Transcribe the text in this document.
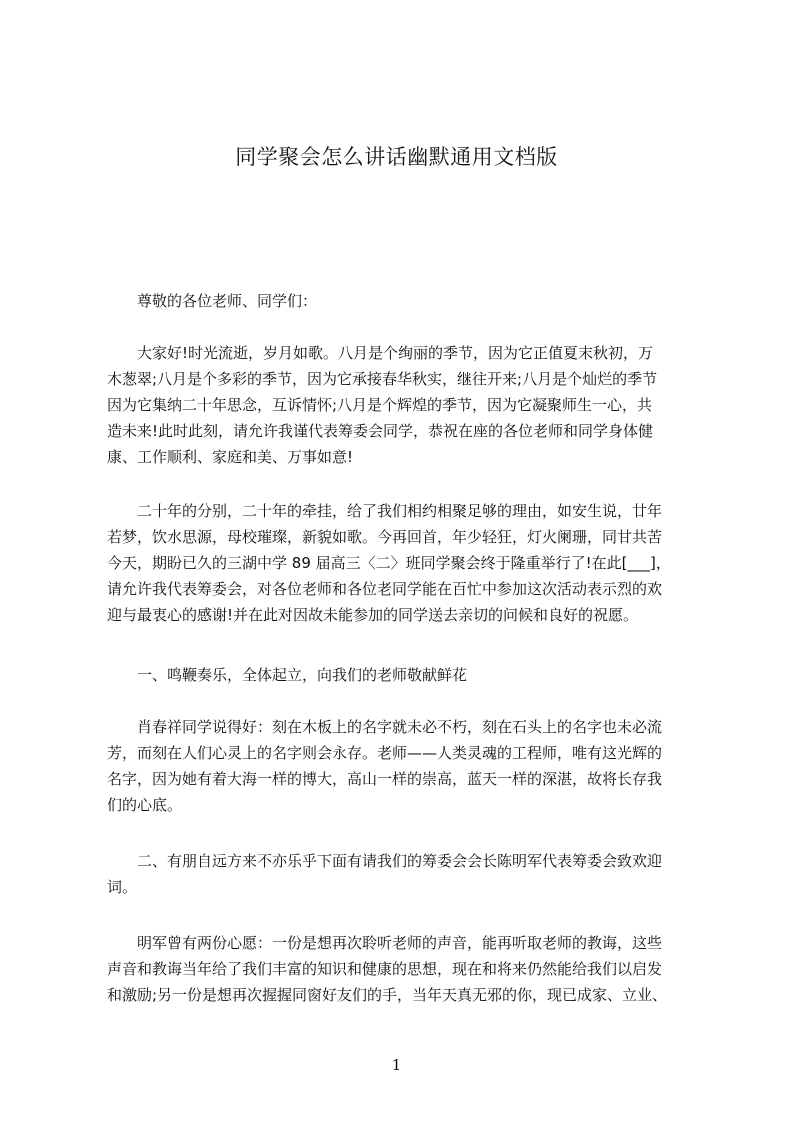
同学聚会怎么讲话幽默通用文档版

尊敬的各位老师、同学们：

大家好!时光流逝，岁月如歌。八月是个绚丽的季节，因为它正值夏末秋初，万
木葱翠;八月是个多彩的季节，因为它承接春华秋实，继往开来;八月是个灿烂的季节
因为它集纳二十年思念，互诉情怀;八月是个辉煌的季节，因为它凝聚师生一心，共
造未来!此时此刻，请允许我谨代表筹委会同学，恭祝在座的各位老师和同学身体健
康、工作顺利、家庭和美、万事如意!
二十年的分别，二十年的牵挂，给了我们相约相聚足够的理由，如安生说，廿年
若梦，饮水思源，母校璀璨，新貌如歌。今再回首，年少轻狂，灯火阑珊，同甘共苦
今天，期盼已久的三湖中学 89 届高三〈二〉班同学聚会终于隆重举行了!在此[___]，
请允许我代表筹委会，对各位老师和各位老同学能在百忙中参加这次活动表示烈的欢
迎与最衷心的感谢!并在此对因故未能参加的同学送去亲切的问候和良好的祝愿。
一、鸣鞭奏乐，全体起立，向我们的老师敬献鲜花
肖春祥同学说得好：刻在木板上的名字就未必不朽，刻在石头上的名字也未必流
芳，而刻在人们心灵上的名字则会永存。老师——人类灵魂的工程师，唯有这光辉的
名字，因为她有着大海一样的博大，高山一样的崇高，蓝天一样的深湛，故将长存我
们的心底。
二、有朋自远方来不亦乐乎下面有请我们的筹委会会长陈明军代表筹委会致欢迎
词。
明军曾有两份心愿：一份是想再次聆听老师的声音，能再听取老师的教诲，这些
声音和教诲当年给了我们丰富的知识和健康的思想，现在和将来仍然能给我们以启发
和激励;另一份是想再次握握同窗好友们的手，当年天真无邪的你，现已成家、立业、
1
